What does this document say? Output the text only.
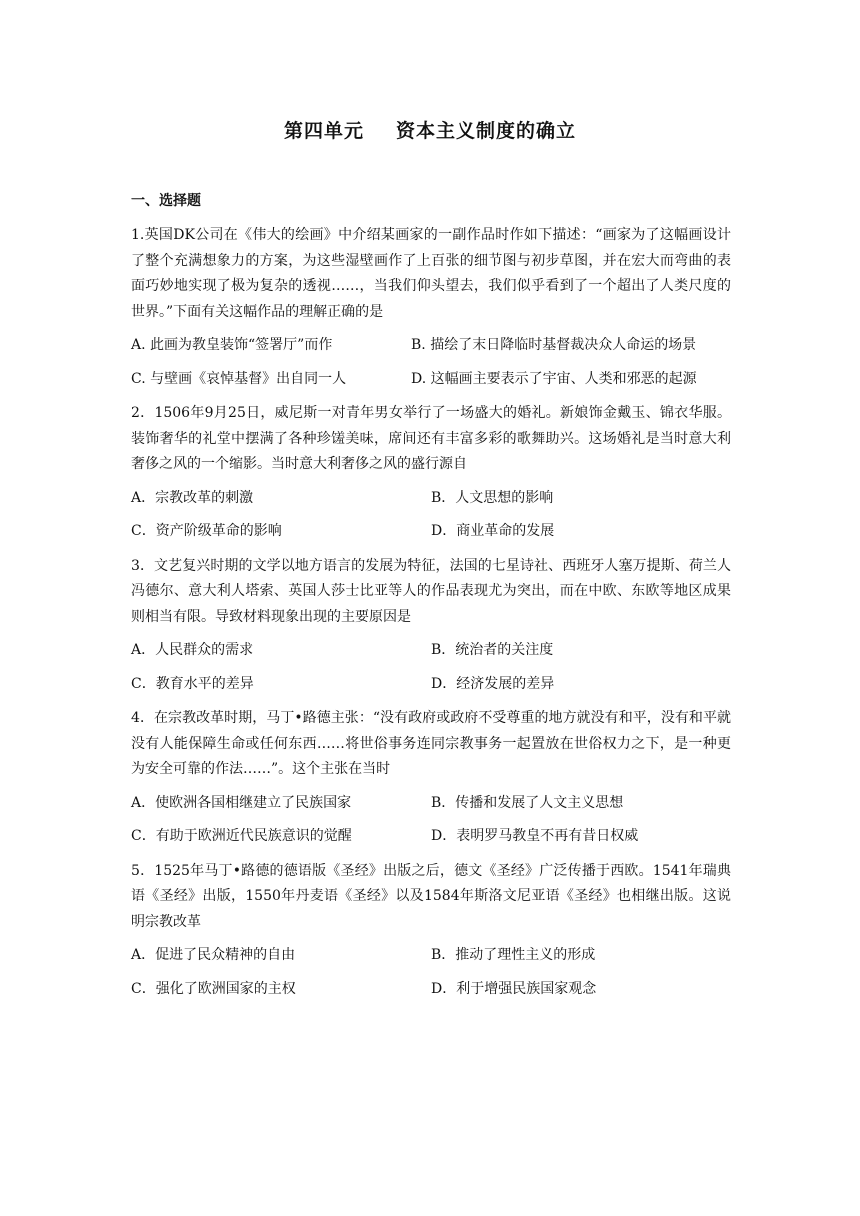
第四单元 资本主义制度的确立
一、选择题

1.英国DK公司在《伟大的绘画》中介绍某画家的一副作品时作如下描述：“画家为了这幅画设计了整个充满想象力的方案，为这些湿壁画作了上百张的细节图与初步草图，并在宏大而弯曲的表面巧妙地实现了极为复杂的透视……，当我们仰头望去，我们似乎看到了一个超出了人类尺度的世界。”下面有关这幅作品的理解正确的是

A. 此画为教皇装饰“签署厅”而作	B. 描绘了末日降临时基督裁决众人命运的场景
C. 与壁画《哀悼基督》出自同一人	D. 这幅画主要表示了宇宙、人类和邪恶的起源

2．1506年9月25日，威尼斯一对青年男女举行了一场盛大的婚礼。新娘饰金戴玉、锦衣华服。装饰奢华的礼堂中摆满了各种珍馐美味，席间还有丰富多彩的歌舞助兴。这场婚礼是当时意大利奢侈之风的一个缩影。当时意大利奢侈之风的盛行源自

A．宗教改革的刺激	B．人文思想的影响
C．资产阶级革命的影响	D．商业革命的发展

3．文艺复兴时期的文学以地方语言的发展为特征，法国的七星诗社、西班牙人塞万提斯、荷兰人冯德尔、意大利人塔索、英国人莎士比亚等人的作品表现尤为突出，而在中欧、东欧等地区成果则相当有限。导致材料现象出现的主要原因是

A．人民群众的需求	B．统治者的关注度
C．教育水平的差异	D．经济发展的差异

4．在宗教改革时期，马丁•路德主张：“没有政府或政府不受尊重的地方就没有和平，没有和平就没有人能保障生命或任何东西……将世俗事务连同宗教事务一起置放在世俗权力之下，是一种更为安全可靠的作法……”。这个主张在当时

A．使欧洲各国相继建立了民族国家	B．传播和发展了人文主义思想
C．有助于欧洲近代民族意识的觉醒	D．表明罗马教皇不再有昔日权威

5．1525年马丁•路德的德语版《圣经》出版之后，德文《圣经》广泛传播于西欧。1541年瑞典语《圣经》出版，1550年丹麦语《圣经》以及1584年斯洛文尼亚语《圣经》也相继出版。这说明宗教改革

A．促进了民众精神的自由	B．推动了理性主义的形成
C．强化了欧洲国家的主权	D．利于增强民族国家观念
